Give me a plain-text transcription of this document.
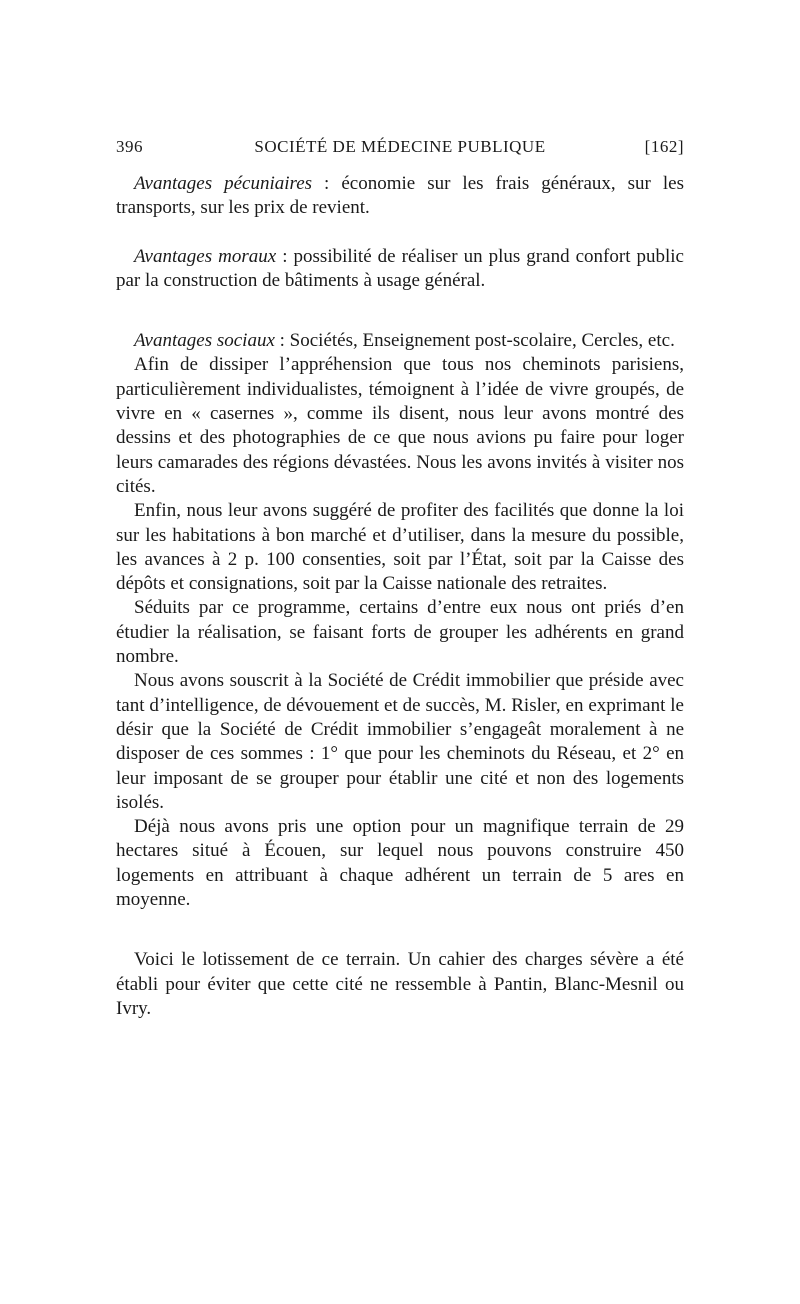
396	SOCIÉTÉ DE MÉDECINE PUBLIQUE	[162]

Avantages pécuniaires : économie sur les frais généraux, sur les transports, sur les prix de revient.

Avantages moraux : possibilité de réaliser un plus grand confort public par la construction de bâtiments à usage général.

Avantages sociaux : Sociétés, Enseignement post-scolaire, Cercles, etc.

Afin de dissiper l’appréhension que tous nos cheminots parisiens, particulièrement individualistes, témoignent à l’idée de vivre groupés, de vivre en « casernes », comme ils disent, nous leur avons montré des dessins et des photographies de ce que nous avions pu faire pour loger leurs camarades des régions dévastées. Nous les avons invités à visiter nos cités.

Enfin, nous leur avons suggéré de profiter des facilités que donne la loi sur les habitations à bon marché et d’utiliser, dans la mesure du possible, les avances à 2 p. 100 consenties, soit par l’État, soit par la Caisse des dépôts et consignations, soit par la Caisse nationale des retraites.

Séduits par ce programme, certains d’entre eux nous ont priés d’en étudier la réalisation, se faisant forts de grouper les adhérents en grand nombre.

Nous avons souscrit à la Société de Crédit immobilier que préside avec tant d’intelligence, de dévouement et de succès, M. Risler, en exprimant le désir que la Société de Crédit immobilier s’engageât moralement à ne disposer de ces sommes : 1° que pour les cheminots du Réseau, et 2° en leur imposant de se grouper pour établir une cité et non des logements isolés.

Déjà nous avons pris une option pour un magnifique terrain de 29 hectares situé à Écouen, sur lequel nous pouvons construire 450 logements en attribuant à chaque adhérent un terrain de 5 ares en moyenne.

Voici le lotissement de ce terrain. Un cahier des charges sévère a été établi pour éviter que cette cité ne ressemble à Pantin, Blanc-Mesnil ou Ivry.
